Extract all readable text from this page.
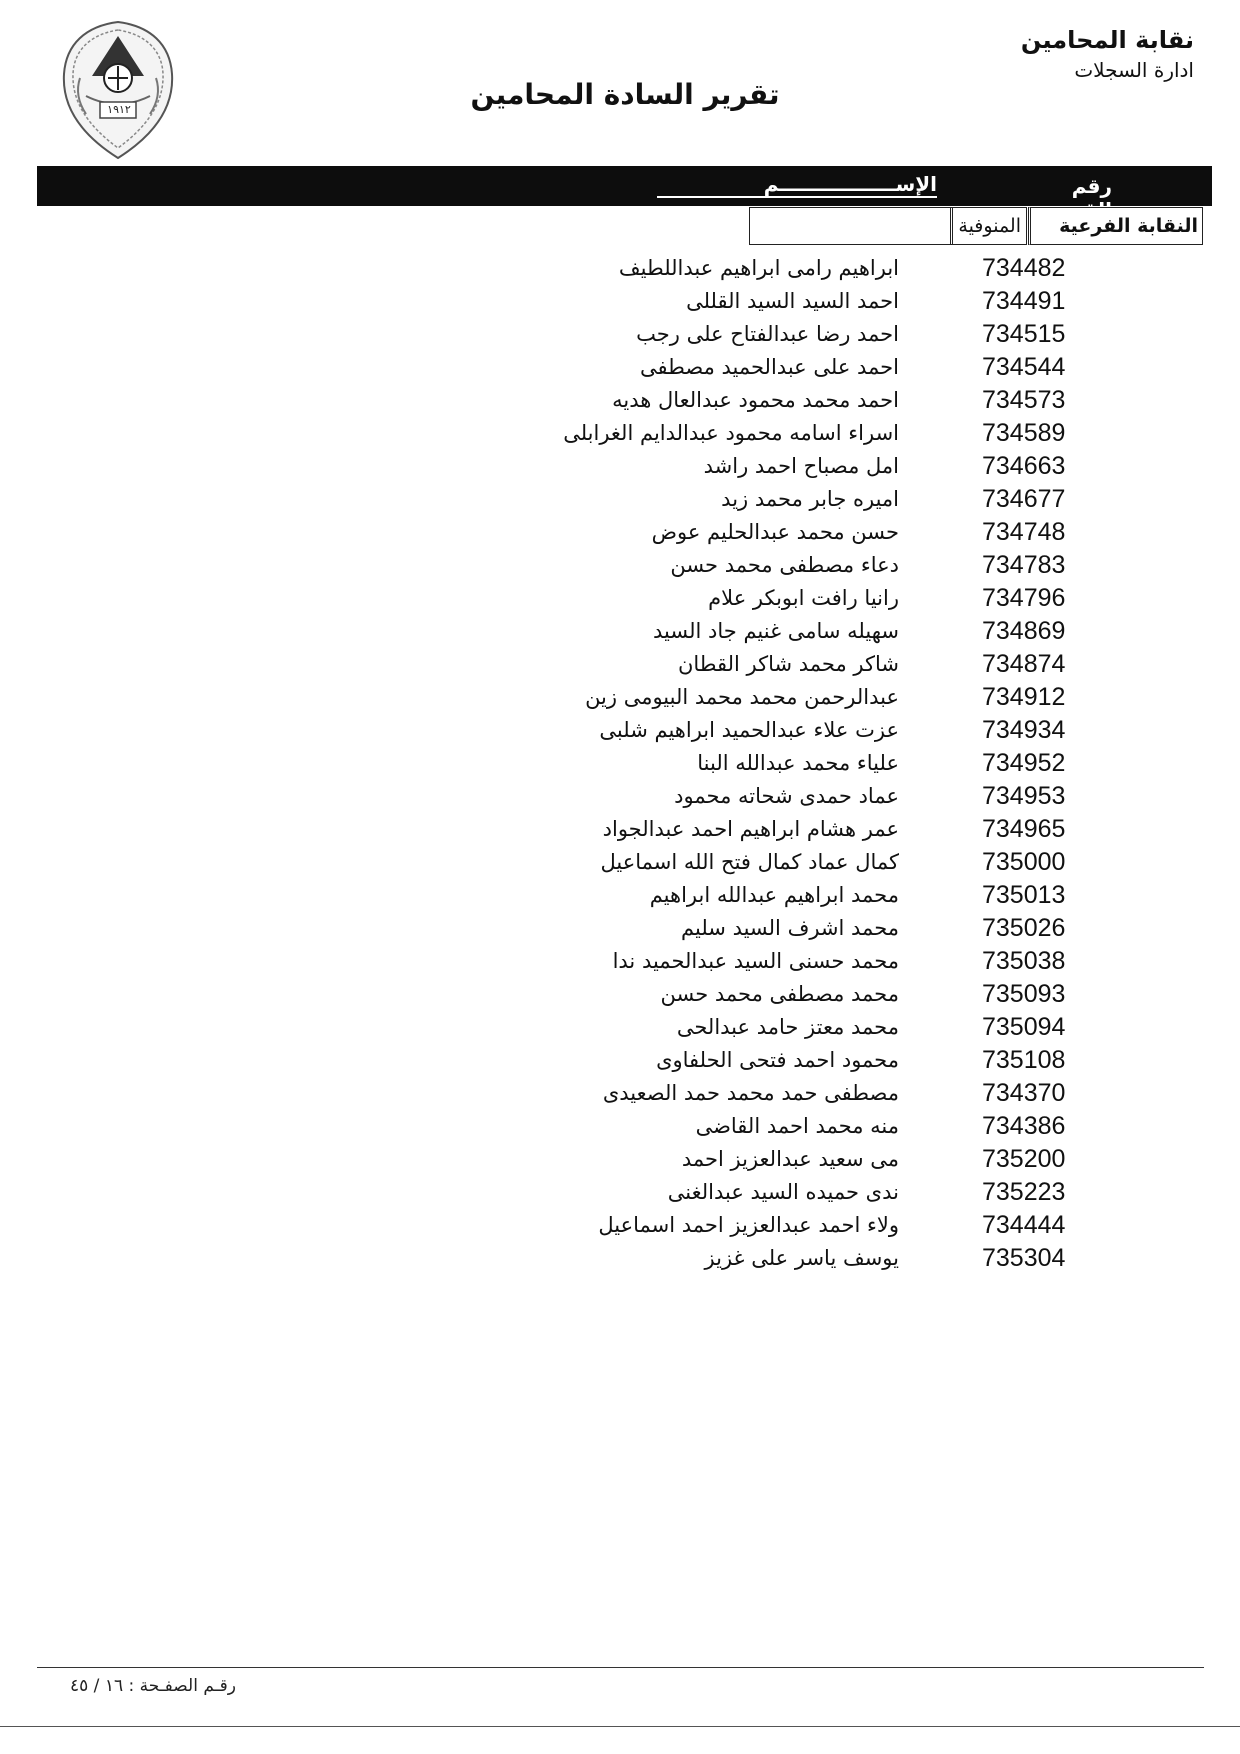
نقابة المحامين
ادارة السجلات
تقرير السادة المحامين
١٩١٢
الإســـــــــــــــــم	رقم القيد
المنوفية	النقابة الفرعية
ابراهيم رامى ابراهيم عبداللطيف	734482
احمد السيد السيد القللى	734491
احمد رضا عبدالفتاح على رجب	734515
احمد على عبدالحميد مصطفى	734544
احمد محمد محمود عبدالعال هديه	734573
اسراء اسامه محمود عبدالدايم الغرابلى	734589
امل مصباح احمد راشد	734663
اميره جابر محمد زيد	734677
حسن محمد عبدالحليم عوض	734748
دعاء مصطفى محمد حسن	734783
رانيا رافت ابوبكر علام	734796
سهيله سامى غنيم جاد السيد	734869
شاكر محمد شاكر القطان	734874
عبدالرحمن محمد محمد البيومى زين	734912
عزت علاء عبدالحميد ابراهيم شلبى	734934
علياء محمد عبدالله البنا	734952
عماد حمدى شحاته محمود	734953
عمر هشام ابراهيم احمد عبدالجواد	734965
كمال عماد كمال فتح الله اسماعيل	735000
محمد ابراهيم عبدالله ابراهيم	735013
محمد اشرف السيد سليم	735026
محمد حسنى السيد عبدالحميد ندا	735038
محمد مصطفى محمد حسن	735093
محمد معتز حامد عبدالحى	735094
محمود احمد فتحى الحلفاوى	735108
مصطفى حمد محمد حمد الصعيدى	734370
منه محمد احمد القاضى	734386
مى سعيد عبدالعزيز احمد	735200
ندى حميده السيد عبدالغنى	735223
ولاء احمد عبدالعزيز احمد اسماعيل	734444
يوسف ياسر على غزيز	735304
رقـم الصفـحة : ١٦ / ٤٥
